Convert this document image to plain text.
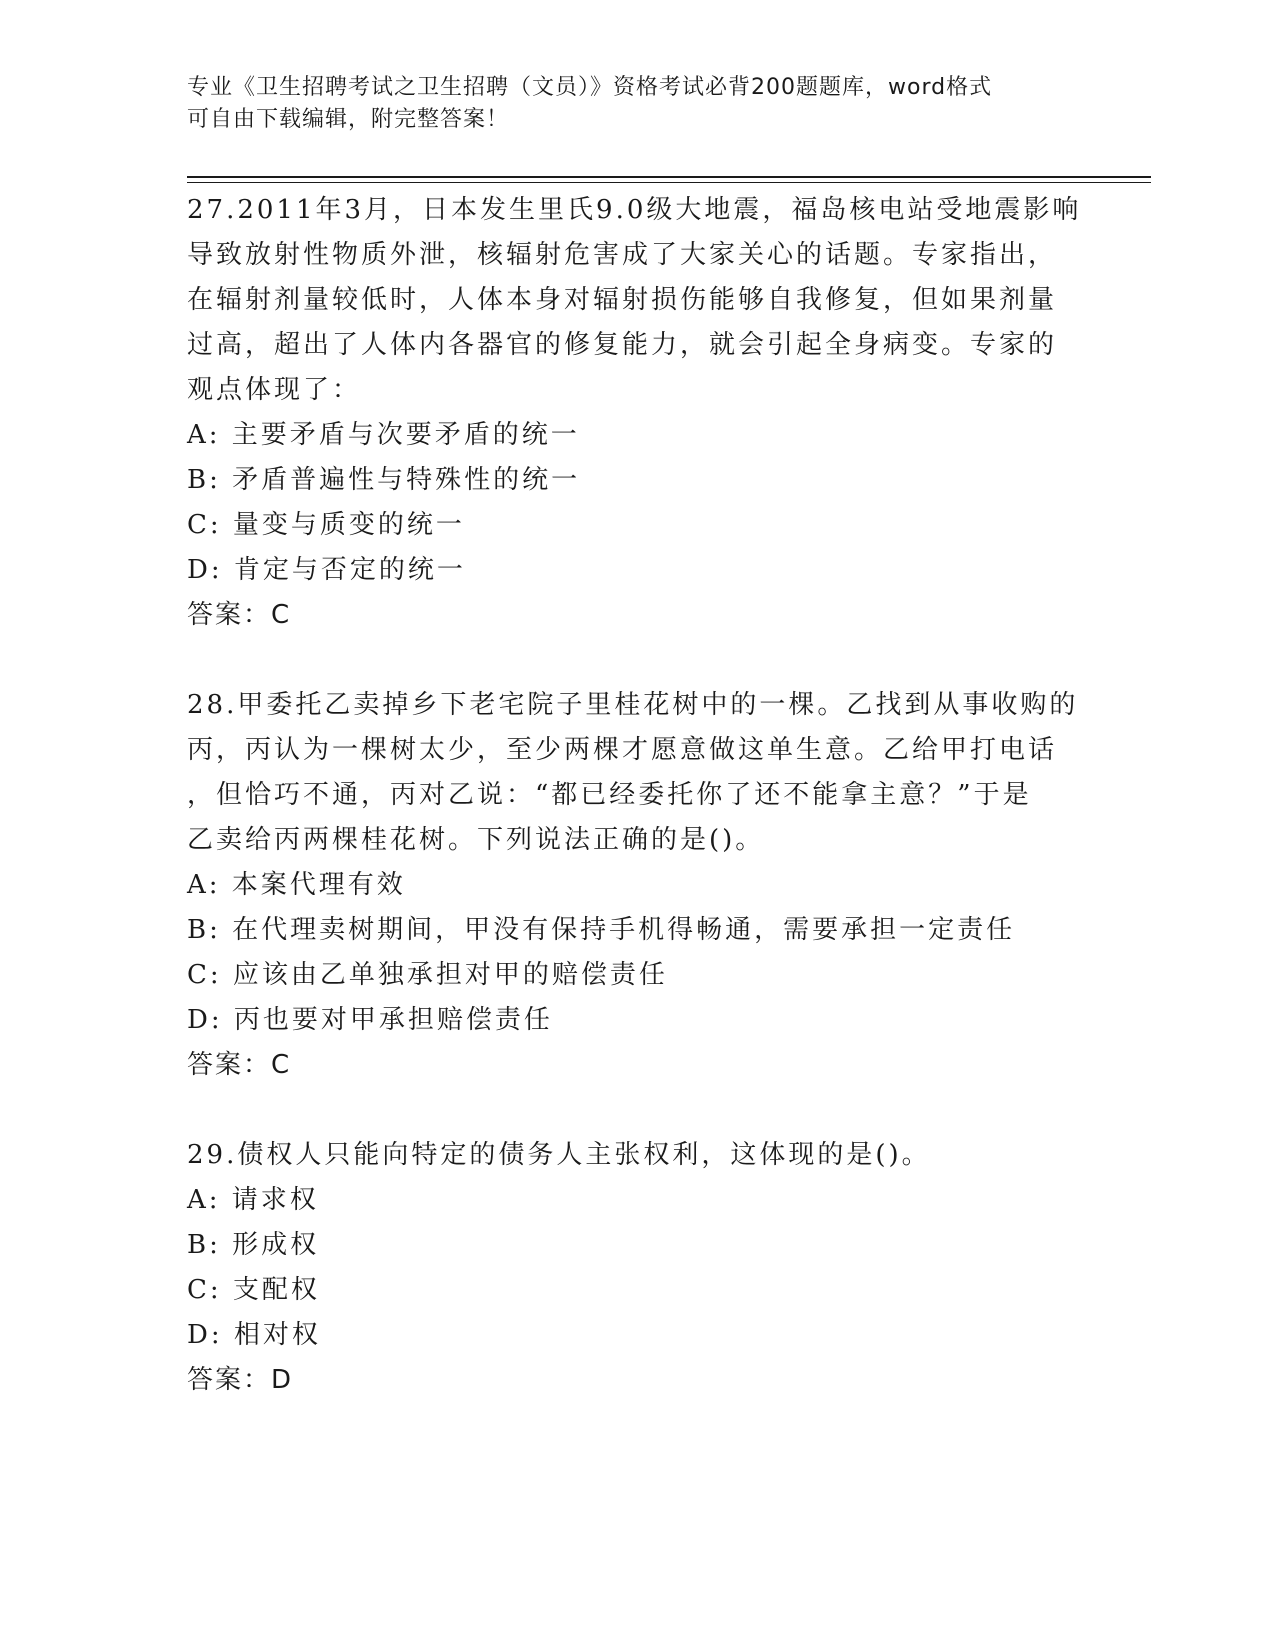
专业《卫生招聘考试之卫生招聘（文员）》资格考试必背200题题库，word格式
可自由下载编辑，附完整答案！
27.2011年3月，日本发生里氏9.0级大地震，福岛核电站受地震影响
导致放射性物质外泄，核辐射危害成了大家关心的话题。专家指出，
在辐射剂量较低时，人体本身对辐射损伤能够自我修复，但如果剂量
过高，超出了人体内各器官的修复能力，就会引起全身病变。专家的
观点体现了：
A: 主要矛盾与次要矛盾的统一
B: 矛盾普遍性与特殊性的统一
C: 量变与质变的统一
D: 肯定与否定的统一
答案：C
28.甲委托乙卖掉乡下老宅院子里桂花树中的一棵。乙找到从事收购的
丙，丙认为一棵树太少，至少两棵才愿意做这单生意。乙给甲打电话
，但恰巧不通，丙对乙说：“都已经委托你了还不能拿主意？”于是
乙卖给丙两棵桂花树。下列说法正确的是()。
A: 本案代理有效
B: 在代理卖树期间，甲没有保持手机得畅通，需要承担一定责任
C: 应该由乙单独承担对甲的赔偿责任
D: 丙也要对甲承担赔偿责任
答案：C
29.债权人只能向特定的债务人主张权利，这体现的是()。
A: 请求权
B: 形成权
C: 支配权
D: 相对权
答案：D
